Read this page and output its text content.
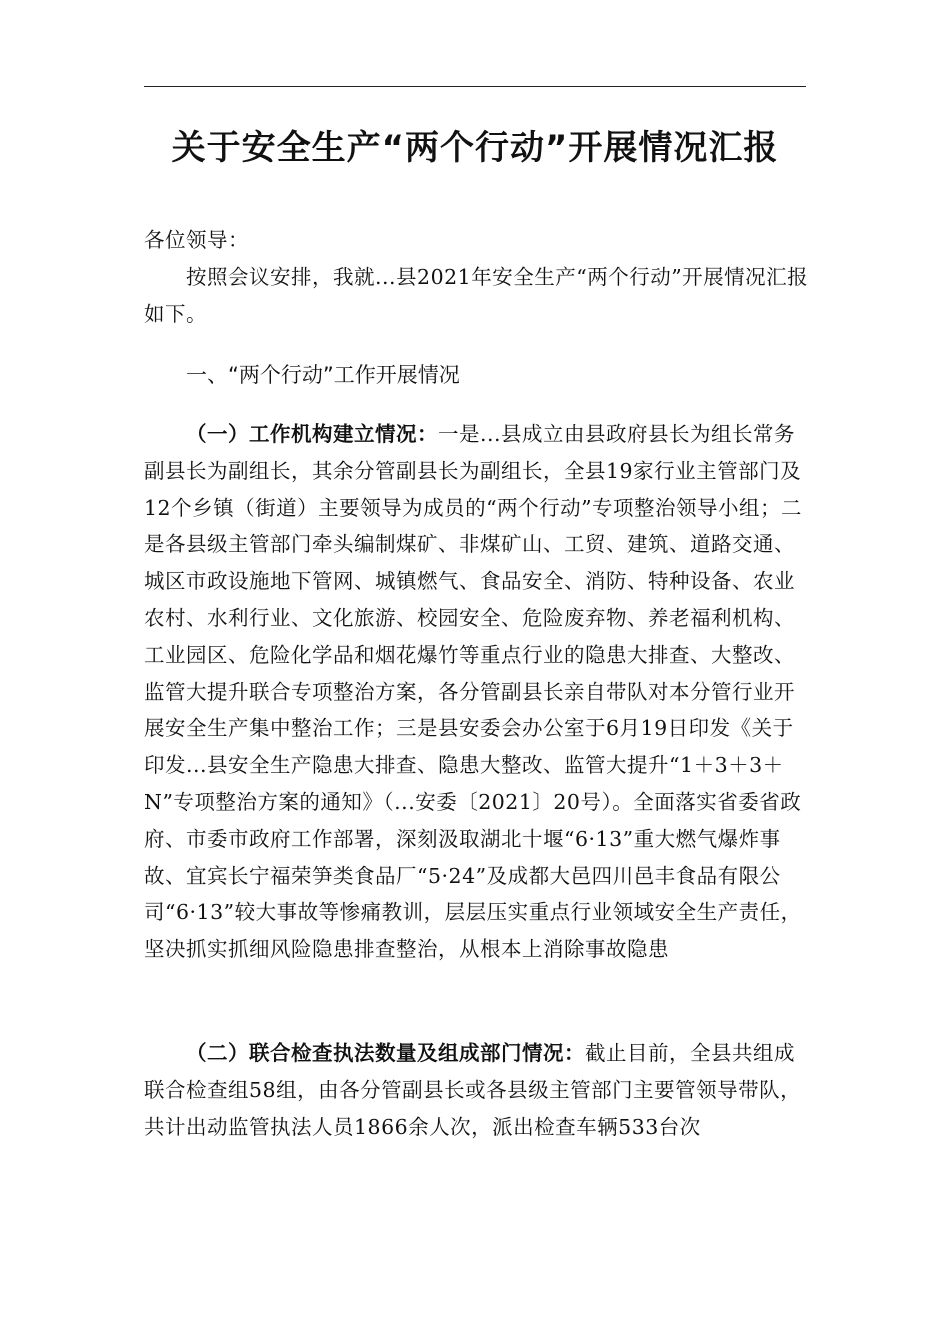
关于安全生产“两个行动”开展情况汇报

各位领导：

按照会议安排，我就...县2021年安全生产“两个行动”开展情况汇报如下。

一、“两个行动”工作开展情况

（一）工作机构建立情况：一是...县成立由县政府县长为组长常务副县长为副组长，其余分管副县长为副组长，全县19家行业主管部门及12个乡镇（街道）主要领导为成员的“两个行动”专项整治领导小组；二是各县级主管部门牵头编制煤矿、非煤矿山、工贸、建筑、道路交通、城区市政设施地下管网、城镇燃气、食品安全、消防、特种设备、农业农村、水利行业、文化旅游、校园安全、危险废弃物、养老福利机构、工业园区、危险化学品和烟花爆竹等重点行业的隐患大排查、大整改、监管大提升联合专项整治方案，各分管副县长亲自带队对本分管行业开展安全生产集中整治工作；三是县安委会办公室于6月19日印发《关于印发...县安全生产隐患大排查、隐患大整改、监管大提升“1＋3＋3＋N”专项整治方案的通知》（...安委〔2021〕20号）。全面落实省委省政府、市委市政府工作部署，深刻汲取湖北十堰“6·13”重大燃气爆炸事故、宜宾长宁福荣笋类食品厂“5·24”及成都大邑四川邑丰食品有限公司“6·13”较大事故等惨痛教训，层层压实重点行业领域安全生产责任，坚决抓实抓细风险隐患排查整治，从根本上消除事故隐患

（二）联合检查执法数量及组成部门情况：截止目前，全县共组成联合检查组58组，由各分管副县长或各县级主管部门主要管领导带队，共计出动监管执法人员1866余人次，派出检查车辆533台次
